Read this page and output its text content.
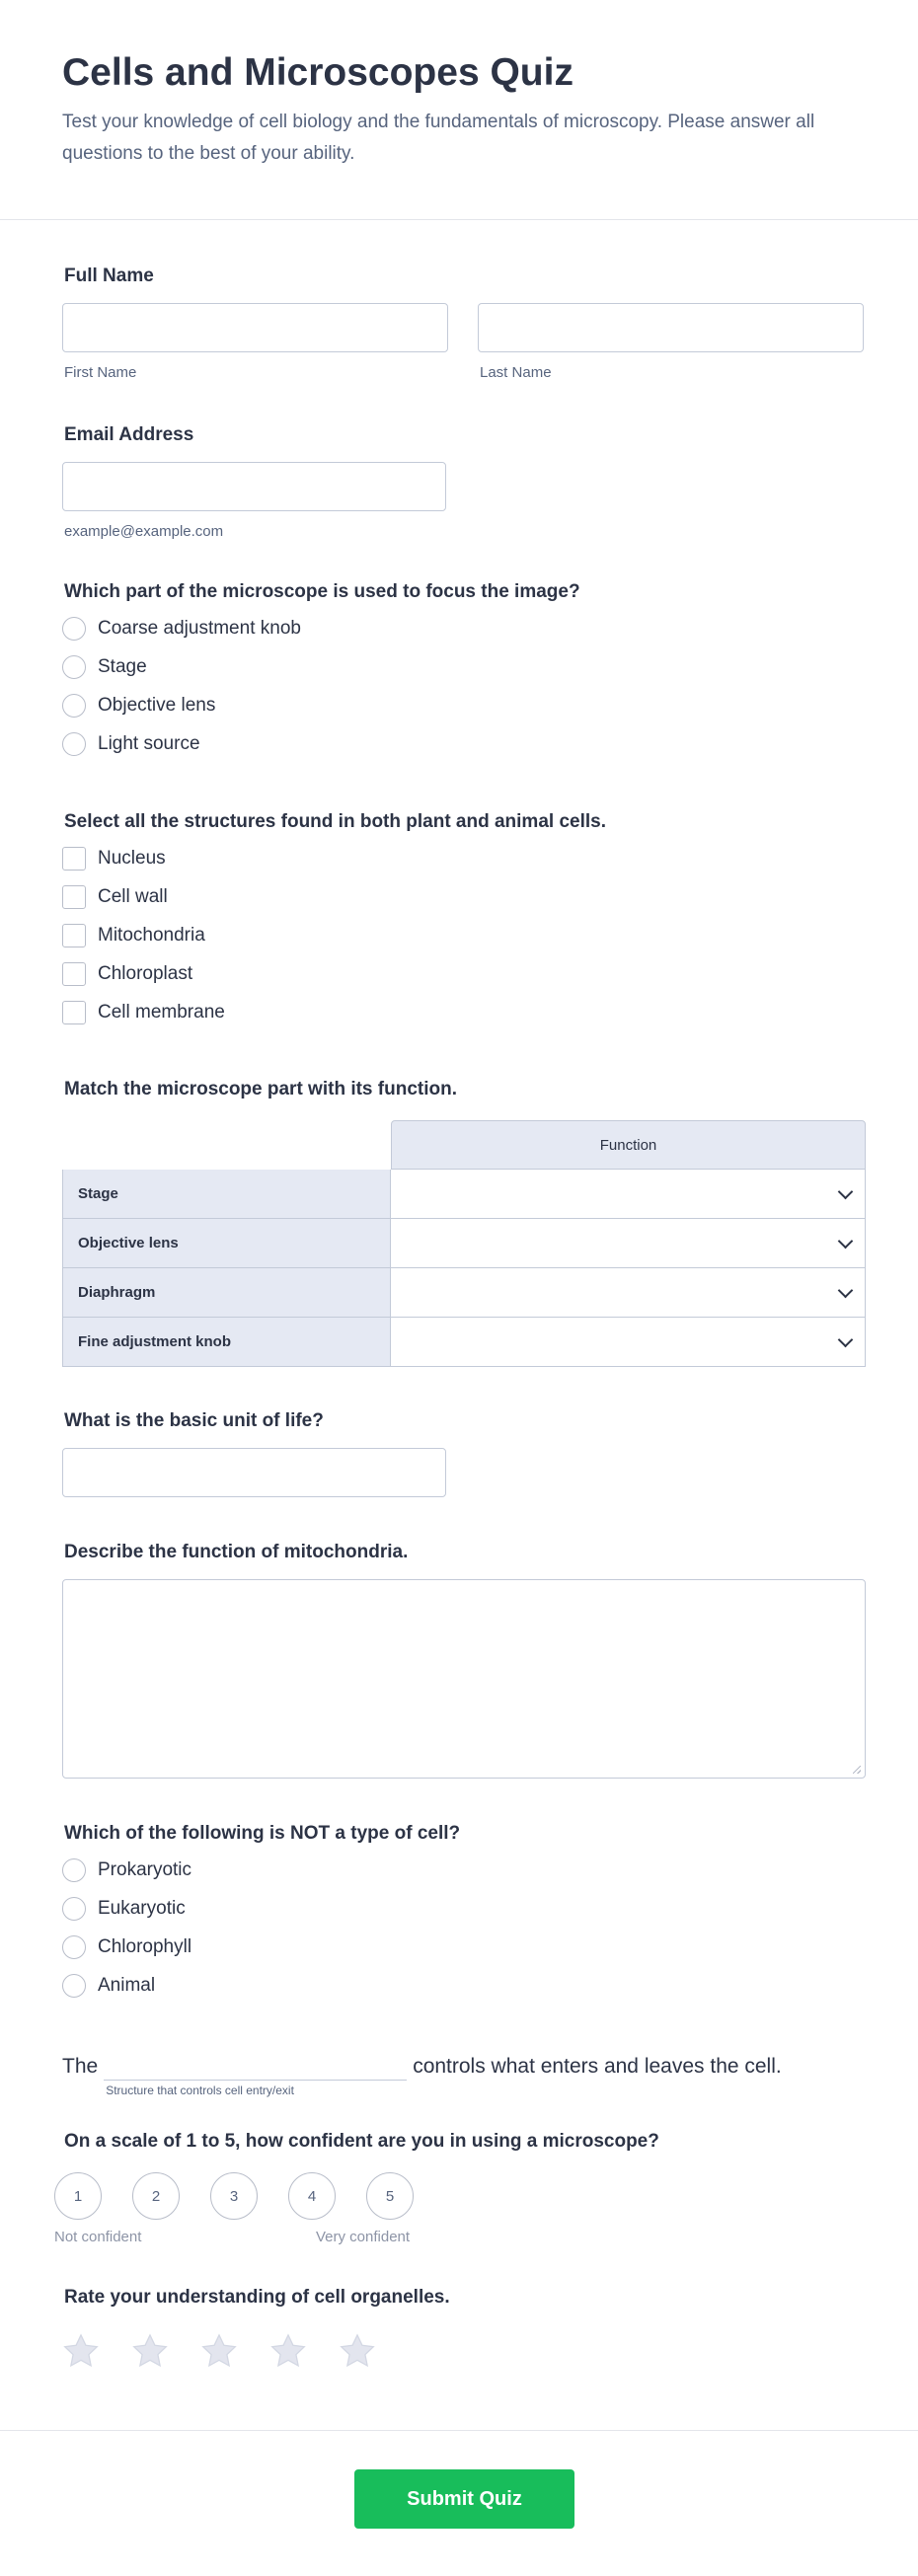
Cells and Microscopes Quiz
Test your knowledge of cell biology and the fundamentals of microscopy. Please answer all questions to the best of your ability.
Full Name
First Name	Last Name
Email Address
example@example.com
Which part of the microscope is used to focus the image?
Coarse adjustment knob
Stage
Objective lens
Light source
Select all the structures found in both plant and animal cells.
Nucleus
Cell wall
Mitochondria
Chloroplast
Cell membrane
Match the microscope part with its function.
Function
Stage
Objective lens
Diaphragm
Fine adjustment knob
What is the basic unit of life?
Describe the function of mitochondria.
Which of the following is NOT a type of cell?
Prokaryotic
Eukaryotic
Chlorophyll
Animal
The
Structure that controls cell entry/exit
controls what enters and leaves the cell.
On a scale of 1 to 5, how confident are you in using a microscope?
1	2	3	4	5
Not confident	Very confident
Rate your understanding of cell organelles.
Submit Quiz
